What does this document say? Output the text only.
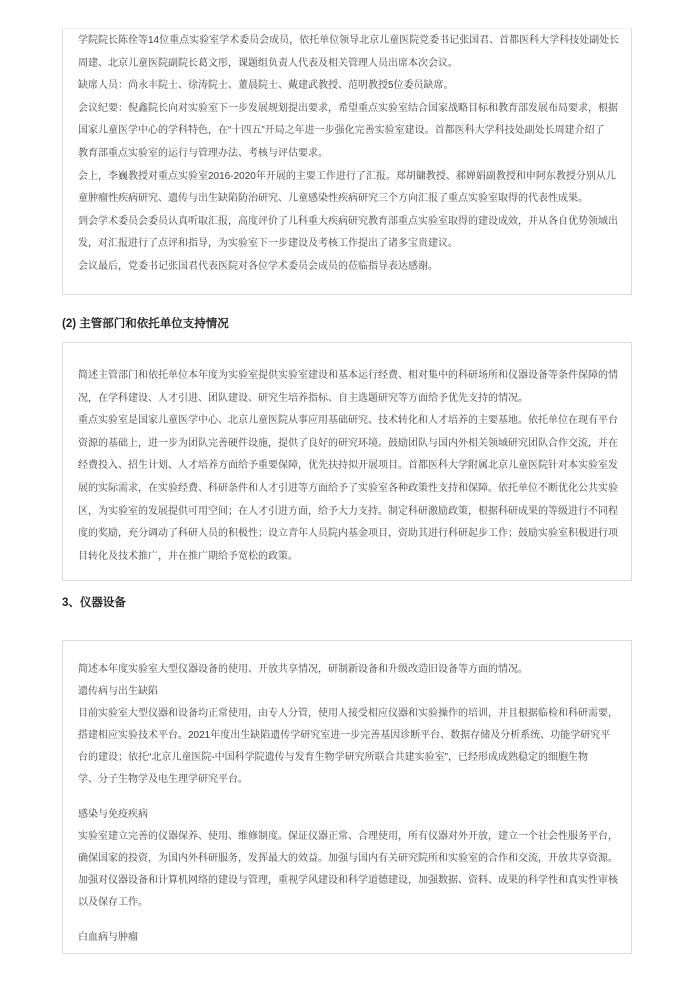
学院院长陈佺等14位重点实验室学术委员会成员，依托单位领导北京儿童医院党委书记张国君、首都医科大学科技处副处长
周建、北京儿童医院副院长葛文彤，课题组负责人代表及相关管理人员出席本次会议。
缺席人员：尚永丰院士、徐涛院士、董晨院士、戴建武教授、范明教授5位委员缺席。
会议纪要：倪鑫院长向对实验室下一步发展规划提出要求，希望重点实验室结合国家战略目标和教育部发展布局要求，根据
国家儿童医学中心的学科特色，在“十四五”开局之年进一步强化完善实验室建设。首都医科大学科技处副处长周建介绍了
教育部重点实验室的运行与管理办法、考核与评估要求。
会上，李巍教授对重点实验室2016-2020年开展的主要工作进行了汇报。郑胡镛教授、郝婵娟副教授和申阿东教授分别从儿
童肿瘤性疾病研究、遗传与出生缺陷防治研究、儿童感染性疾病研究三个方向汇报了重点实验室取得的代表性成果。
到会学术委员会委员认真听取汇报，高度评价了儿科重大疾病研究教育部重点实验室取得的建设成效，并从各自优势领域出
发，对汇报进行了点评和指导，为实验室下一步建设及考核工作提出了诸多宝贵建议。
会议最后，党委书记张国君代表医院对各位学术委员会成员的莅临指导表达感谢。
(2) 主管部门和依托单位支持情况
简述主管部门和依托单位本年度为实验室提供实验室建设和基本运行经费、相对集中的科研场所和仪器设备等条件保障的情
况，在学科建设、人才引进、团队建设、研究生培养指标、自主选题研究等方面给予优先支持的情况。
重点实验室是国家儿童医学中心、北京儿童医院从事应用基础研究、技术转化和人才培养的主要基地。依托单位在现有平台
资源的基础上，进一步为团队完善硬件设施，提供了良好的研究环境。鼓励团队与国内外相关领域研究团队合作交流，并在
经费投入、招生计划、人才培养方面给予重要保障，优先扶持拟开展项目。首都医科大学附属北京儿童医院针对本实验室发
展的实际需求，在实验经费、科研条件和人才引进等方面给予了实验室各种政策性支持和保障。依托单位不断优化公共实验
区，为实验室的发展提供可用空间；在人才引进方面，给予大力支持。制定科研激励政策，根据科研成果的等级进行不同程
度的奖励，充分调动了科研人员的积极性；设立青年人员院内基金项目，资助其进行科研起步工作；鼓励实验室积极进行项
目转化及技术推广，并在推广期给予宽松的政策。
3、仪器设备
简述本年度实验室大型仪器设备的使用、开放共享情况，研制新设备和升级改造旧设备等方面的情况。
遗传病与出生缺陷
目前实验室大型仪器和设备均正常使用，由专人分管，使用人接受相应仪器和实验操作的培训，并且根据临检和科研需要，
搭建相应实验技术平台。2021年度出生缺陷遗传学研究室进一步完善基因诊断平台、数据存储及分析系统、功能学研究平
台的建设；依托“北京儿童医院-中国科学院遗传与发育生物学研究所联合共建实验室”，已经形成成熟稳定的细胞生物
学、分子生物学及电生理学研究平台。
感染与免疫疾病
实验室建立完善的仪器保养、使用、维修制度。保证仪器正常、合理使用，所有仪器对外开放，建立一个社会性服务平台，
确保国家的投资，为国内外科研服务，发挥最大的效益。加强与国内有关研究院所和实验室的合作和交流，开放共享资源。
加强对仪器设备和计算机网络的建设与管理，重视学风建设和科学道德建设，加强数据、资料、成果的科学性和真实性审核
以及保存工作。
白血病与肿瘤
